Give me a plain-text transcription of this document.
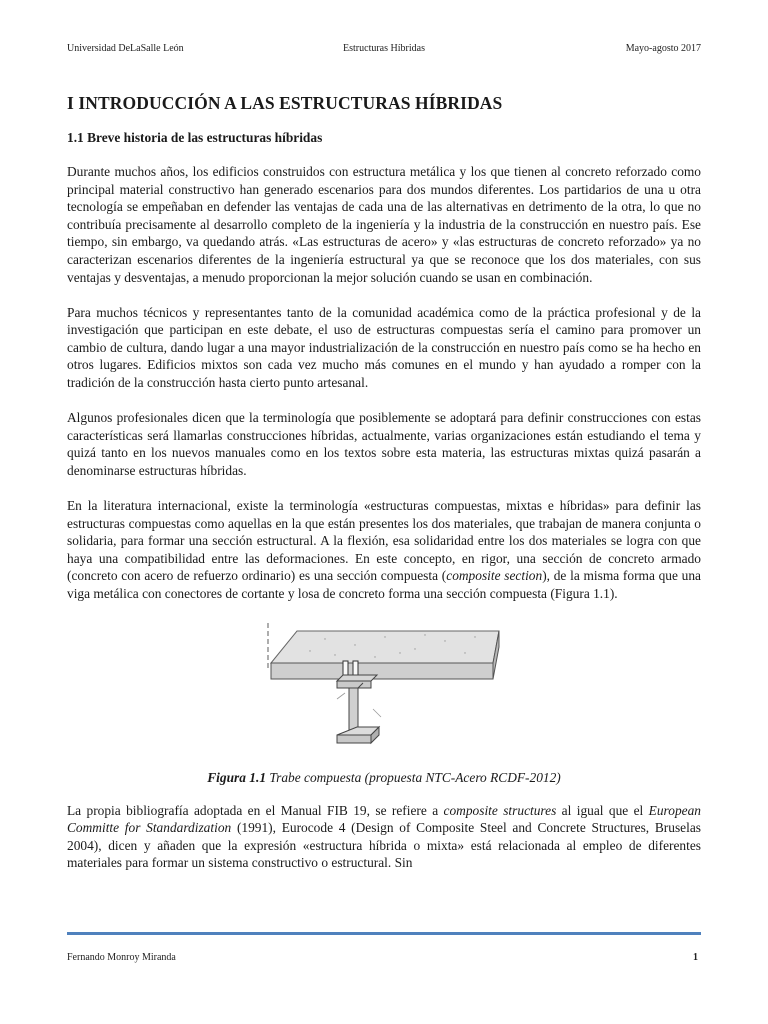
Universidad DeLaSalle León	Estructuras Híbridas	Mayo-agosto 2017
I INTRODUCCIÓN A LAS ESTRUCTURAS HÍBRIDAS
1.1 Breve historia de las estructuras híbridas

Durante muchos años, los edificios construidos con estructura metálica y los que tienen al concreto reforzado como principal material constructivo han generado escenarios para dos mundos diferentes. Los partidarios de una u otra tecnología se empeñaban en defender las ventajas de cada una de las alternativas en detrimento de la otra, lo que no contribuía precisamente al desarrollo completo de la ingeniería y la industria de la construcción en nuestro país. Ese tiempo, sin embargo, va quedando atrás. «Las estructuras de acero» y «las estructuras de concreto reforzado» ya no caracterizan escenarios diferentes de la ingeniería estructural ya que se reconoce que los dos materiales, con sus ventajas y desventajas, a menudo proporcionan la mejor solución cuando se usan en combinación.

Para muchos técnicos y representantes tanto de la comunidad académica como de la práctica profesional y de la investigación que participan en este debate, el uso de estructuras compuestas sería el camino para promover un cambio de cultura, dando lugar a una mayor industrialización de la construcción en nuestro país como se ha hecho en otros lugares. Edificios mixtos son cada vez mucho más comunes en el mundo y han ayudado a romper con la tradición de la construcción hasta cierto punto artesanal.

Algunos profesionales dicen que la terminología que posiblemente se adoptará para definir construcciones con estas características será llamarlas construcciones híbridas, actualmente, varias organizaciones están estudiando el tema y quizá tanto en los nuevos manuales como en los textos sobre esta materia, las estructuras mixtas quizá pasarán a denominarse estructuras híbridas.

En la literatura internacional, existe la terminología «estructuras compuestas, mixtas e híbridas» para definir las estructuras compuestas como aquellas en la que están presentes los dos materiales, que trabajan de manera conjunta o solidaria, para formar una sección estructural. A la flexión, esa solidaridad entre los dos materiales se logra con que haya una compatibilidad entre las deformaciones. En este concepto, en rigor, una sección de concreto armado (concreto con acero de refuerzo ordinario) es una sección compuesta (composite section), de la misma forma que una viga metálica con conectores de cortante y losa de concreto forma una sección compuesta (Figura 1.1).

Figura 1.1 Trabe compuesta (propuesta NTC-Acero RCDF-2012)

La propia bibliografía adoptada en el Manual FIB 19, se refiere a composite structures al igual que el European Committe for Standardization (1991), Eurocode 4 (Design of Composite Steel and Concrete Structures, Bruselas 2004), dicen y añaden que la expresión «estructura híbrida o mixta» está relacionada al empleo de diferentes materiales para formar un sistema constructivo o estructural. Sin

Fernando Monroy Miranda	1
